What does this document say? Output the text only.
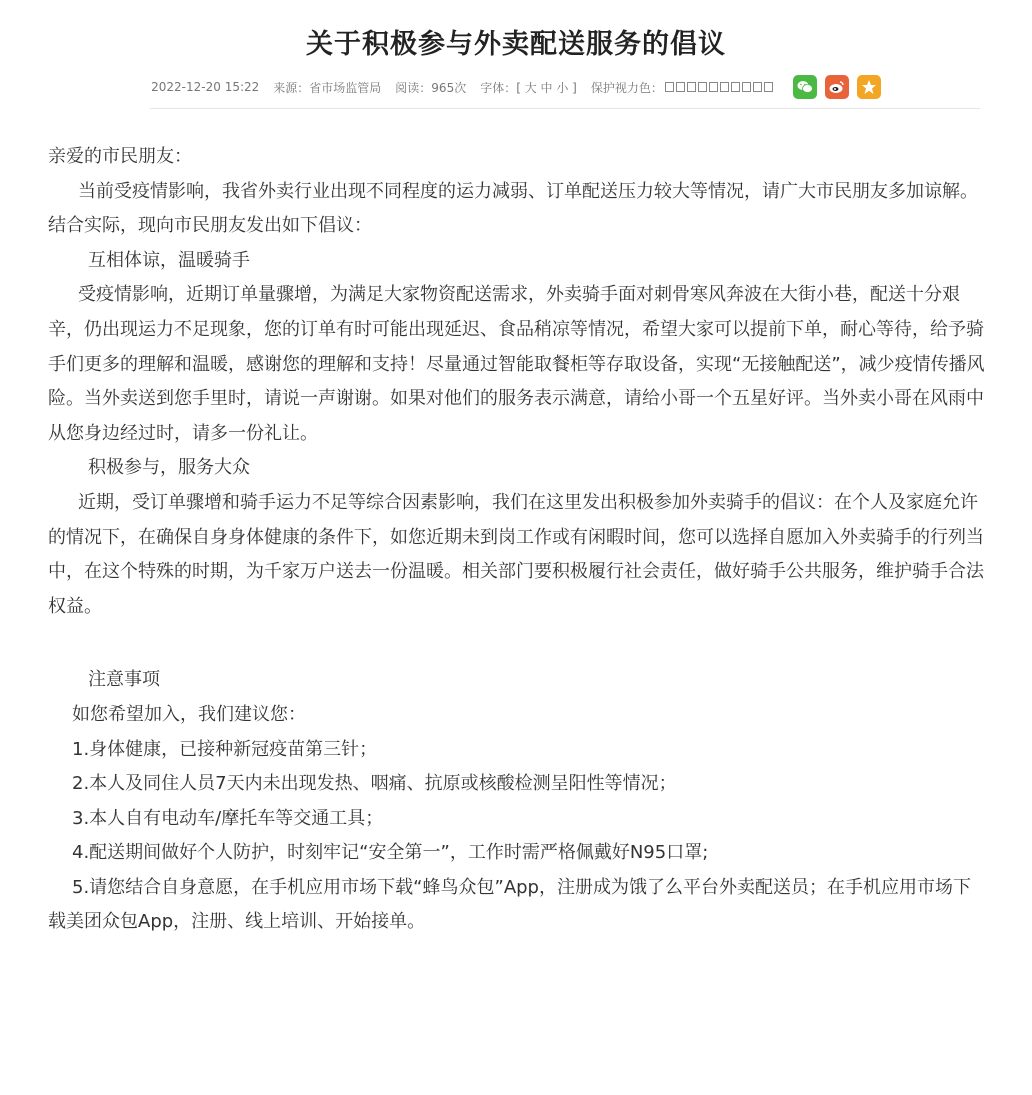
关于积极参与外卖配送服务的倡议
2022-12-20 15:22 来源：省市场监管局 阅读：965次 字体：[ 大 中 小 ] 保护视力色：

亲爱的市民朋友：

当前受疫情影响，我省外卖行业出现不同程度的运力减弱、订单配送压力较大等情况，请广大市民朋友多加谅解。结合实际，现向市民朋友发出如下倡议：

互相体谅，温暖骑手

受疫情影响，近期订单量骤增，为满足大家物资配送需求，外卖骑手面对刺骨寒风奔波在大街小巷，配送十分艰辛，仍出现运力不足现象，您的订单有时可能出现延迟、食品稍凉等情况，希望大家可以提前下单，耐心等待，给予骑手们更多的理解和温暖，感谢您的理解和支持！尽量通过智能取餐柜等存取设备，实现“无接触配送”，减少疫情传播风险。当外卖送到您手里时，请说一声谢谢。如果对他们的服务表示满意，请给小哥一个五星好评。当外卖小哥在风雨中从您身边经过时，请多一份礼让。

积极参与，服务大众

近期，受订单骤增和骑手运力不足等综合因素影响，我们在这里发出积极参加外卖骑手的倡议：在个人及家庭允许的情况下，在确保自身身体健康的条件下，如您近期未到岗工作或有闲暇时间，您可以选择自愿加入外卖骑手的行列当中，在这个特殊的时期，为千家万户送去一份温暖。相关部门要积极履行社会责任，做好骑手公共服务，维护骑手合法权益。

注意事项

如您希望加入，我们建议您：

1.身体健康，已接种新冠疫苗第三针；

2.本人及同住人员7天内未出现发热、咽痛、抗原或核酸检测呈阳性等情况；

3.本人自有电动车/摩托车等交通工具；

4.配送期间做好个人防护，时刻牢记“安全第一”，工作时需严格佩戴好N95口罩;

5.请您结合自身意愿，在手机应用市场下载“蜂鸟众包”App，注册成为饿了么平台外卖配送员；在手机应用市场下载美团众包App，注册、线上培训、开始接单。
